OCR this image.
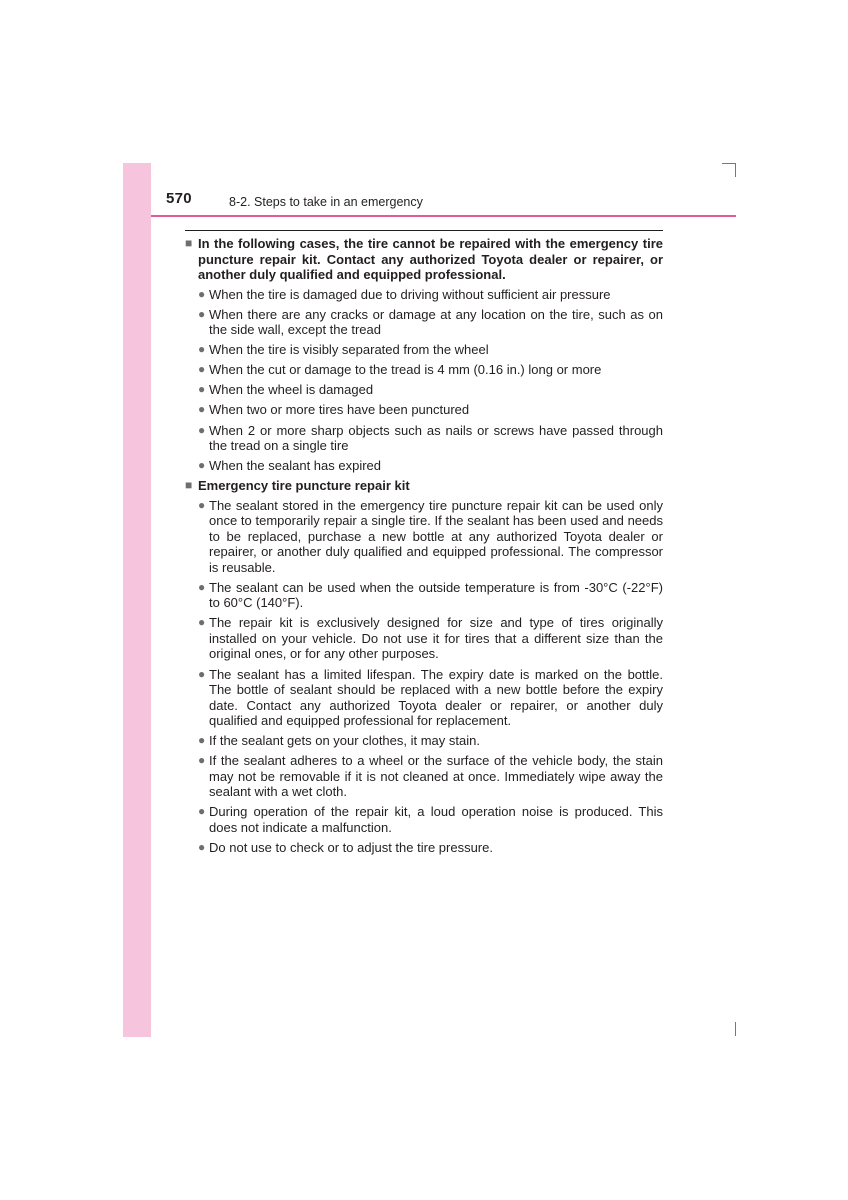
570	8-2. Steps to take in an emergency
■ In the following cases, the tire cannot be repaired with the emergency tire puncture repair kit. Contact any authorized Toyota dealer or repairer, or another duly qualified and equipped professional.
● When the tire is damaged due to driving without sufficient air pressure
● When there are any cracks or damage at any location on the tire, such as on the side wall, except the tread
● When the tire is visibly separated from the wheel
● When the cut or damage to the tread is 4 mm (0.16 in.) long or more
● When the wheel is damaged
● When two or more tires have been punctured
● When 2 or more sharp objects such as nails or screws have passed through the tread on a single tire
● When the sealant has expired
■ Emergency tire puncture repair kit
● The sealant stored in the emergency tire puncture repair kit can be used only once to temporarily repair a single tire. If the sealant has been used and needs to be replaced, purchase a new bottle at any authorized Toyota dealer or repairer, or another duly qualified and equipped professional. The compressor is reusable.
● The sealant can be used when the outside temperature is from -30°C (-22°F) to 60°C (140°F).
● The repair kit is exclusively designed for size and type of tires originally installed on your vehicle. Do not use it for tires that a different size than the original ones, or for any other purposes.
● The sealant has a limited lifespan. The expiry date is marked on the bottle. The bottle of sealant should be replaced with a new bottle before the expiry date. Contact any authorized Toyota dealer or repairer, or another duly qualified and equipped professional for replacement.
● If the sealant gets on your clothes, it may stain.
● If the sealant adheres to a wheel or the surface of the vehicle body, the stain may not be removable if it is not cleaned at once. Immediately wipe away the sealant with a wet cloth.
● During operation of the repair kit, a loud operation noise is produced. This does not indicate a malfunction.
● Do not use to check or to adjust the tire pressure.
